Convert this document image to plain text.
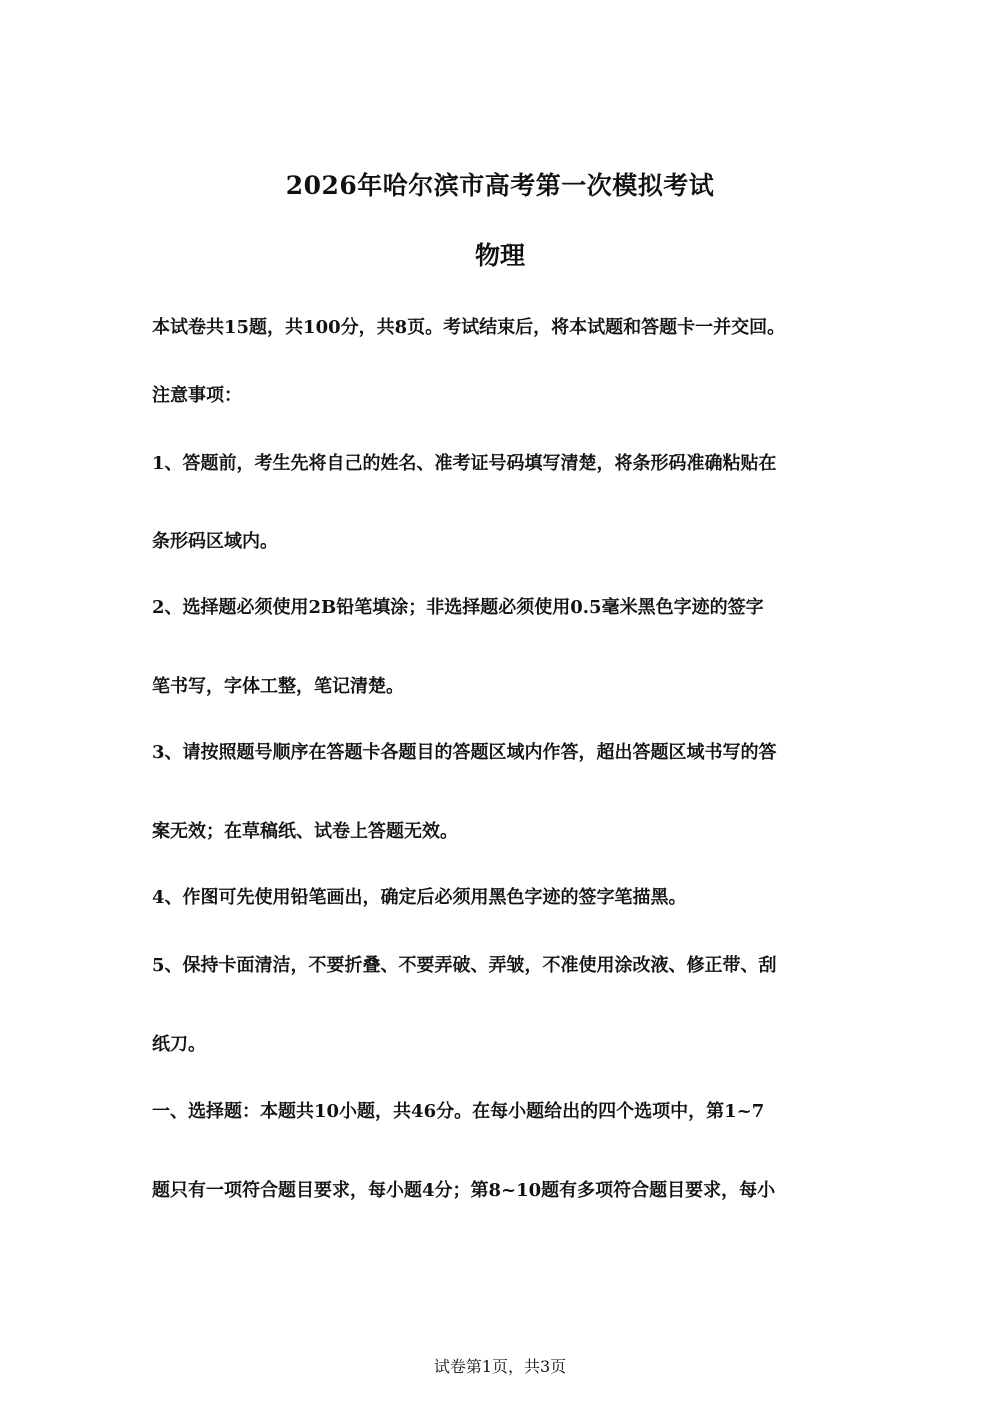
2026年哈尔滨市高考第一次模拟考试
物理
本试卷共15题，共100分，共8页。考试结束后，将本试题和答题卡一并交回。
注意事项：
1、答题前，考生先将自己的姓名、准考证号码填写清楚，将条形码准确粘贴在
条形码区域内。
2、选择题必须使用2B铅笔填涂；非选择题必须使用0.5毫米黑色字迹的签字
笔书写，字体工整，笔记清楚。
3、请按照题号顺序在答题卡各题目的答题区域内作答，超出答题区域书写的答
案无效；在草稿纸、试卷上答题无效。
4、作图可先使用铅笔画出，确定后必须用黑色字迹的签字笔描黑。
5、保持卡面清洁，不要折叠、不要弄破、弄皱，不准使用涂改液、修正带、刮
纸刀。
一、选择题：本题共10小题，共46分。在每小题给出的四个选项中，第1~7
题只有一项符合题目要求，每小题4分；第8~10题有多项符合题目要求，每小
试卷第1页，共3页
